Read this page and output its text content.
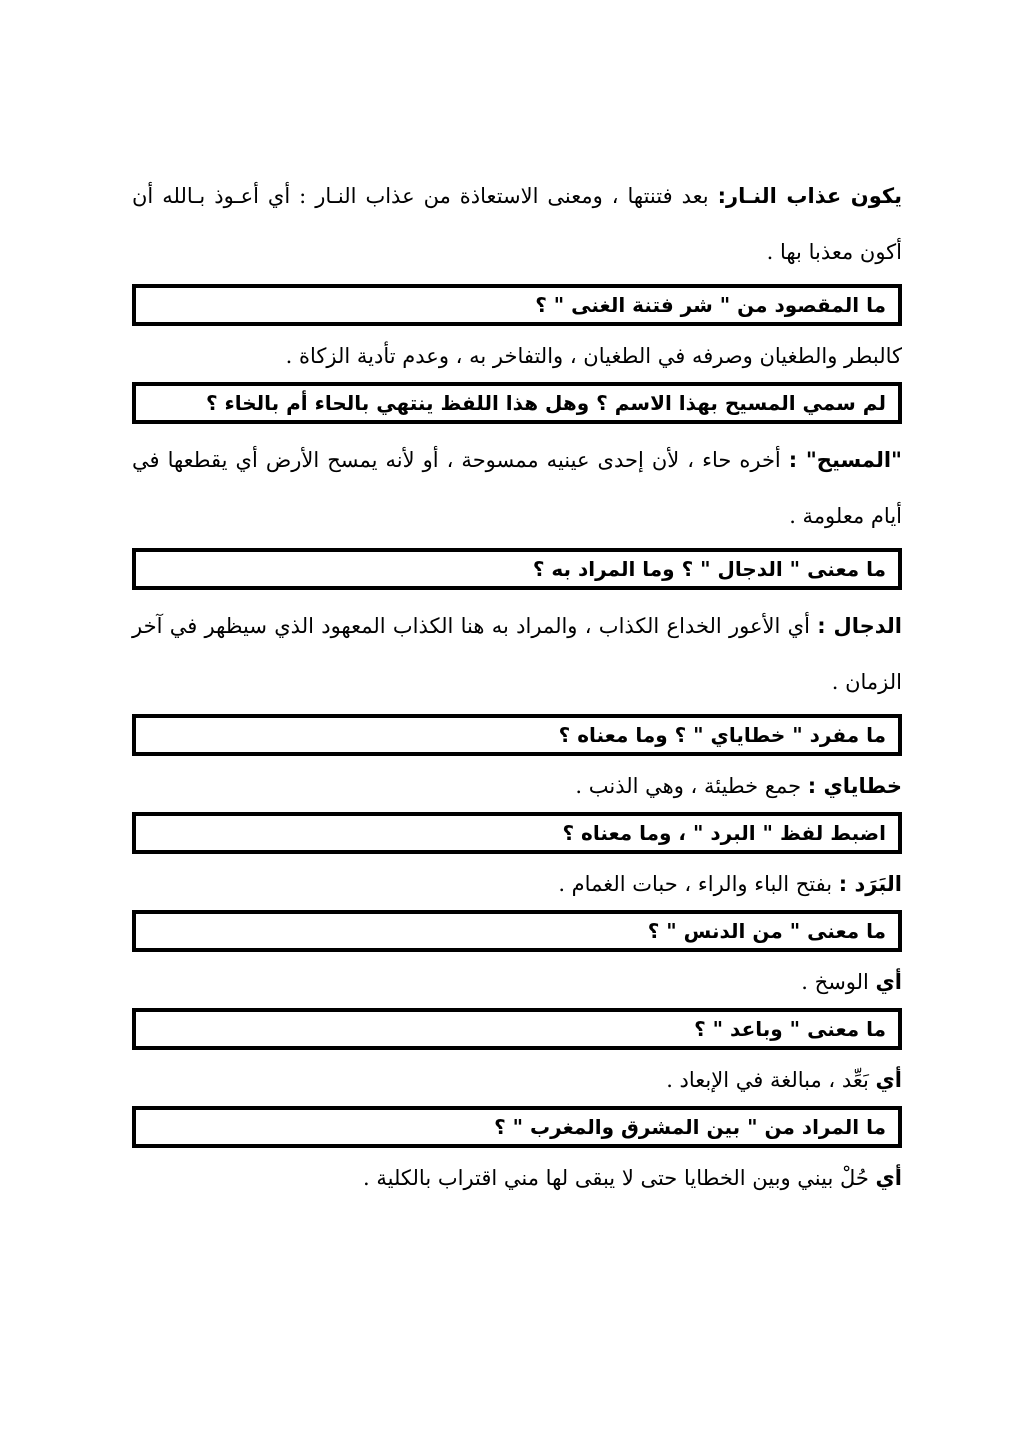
يكون عذاب النـار: بعد فتنتها ، ومعنى الاستعاذة من عذاب النـار : أي أعـوذ بـالله أن أكون معذبا بها .

ما المقصود من " شر فتنة الغنى " ؟

كالبطر والطغيان وصرفه في الطغيان ، والتفاخر به ، وعدم تأدية الزكاة .

لم سمي المسيح بهذا الاسم ؟ وهل هذا اللفظ ينتهي بالحاء أم بالخاء ؟

"المسيح" : أخره حاء ، لأن إحدى عينيه ممسوحة ، أو لأنه يمسح الأرض أي يقطعها في أيام معلومة .

ما معنى " الدجال " ؟ وما المراد به ؟

الدجال : أي الأعور الخداع الكذاب ، والمراد به هنا الكذاب المعهود الذي سيظهر في آخر الزمان .

ما مفرد " خطاياي " ؟ وما معناه ؟

خطاياي : جمع خطيئة ، وهي الذنب .

اضبط لفظ " البرد " ، وما معناه ؟

البَرَد : بفتح الباء والراء ، حبات الغمام .

ما معنى " من الدنس " ؟

أي الوسخ .

ما معنى " وباعد " ؟

أي بَعِّد ، مبالغة في الإبعاد .

ما المراد من " بين المشرق والمغرب " ؟

أي حُلْ بيني وبين الخطايا حتى لا يبقى لها مني اقتراب بالكلية .
